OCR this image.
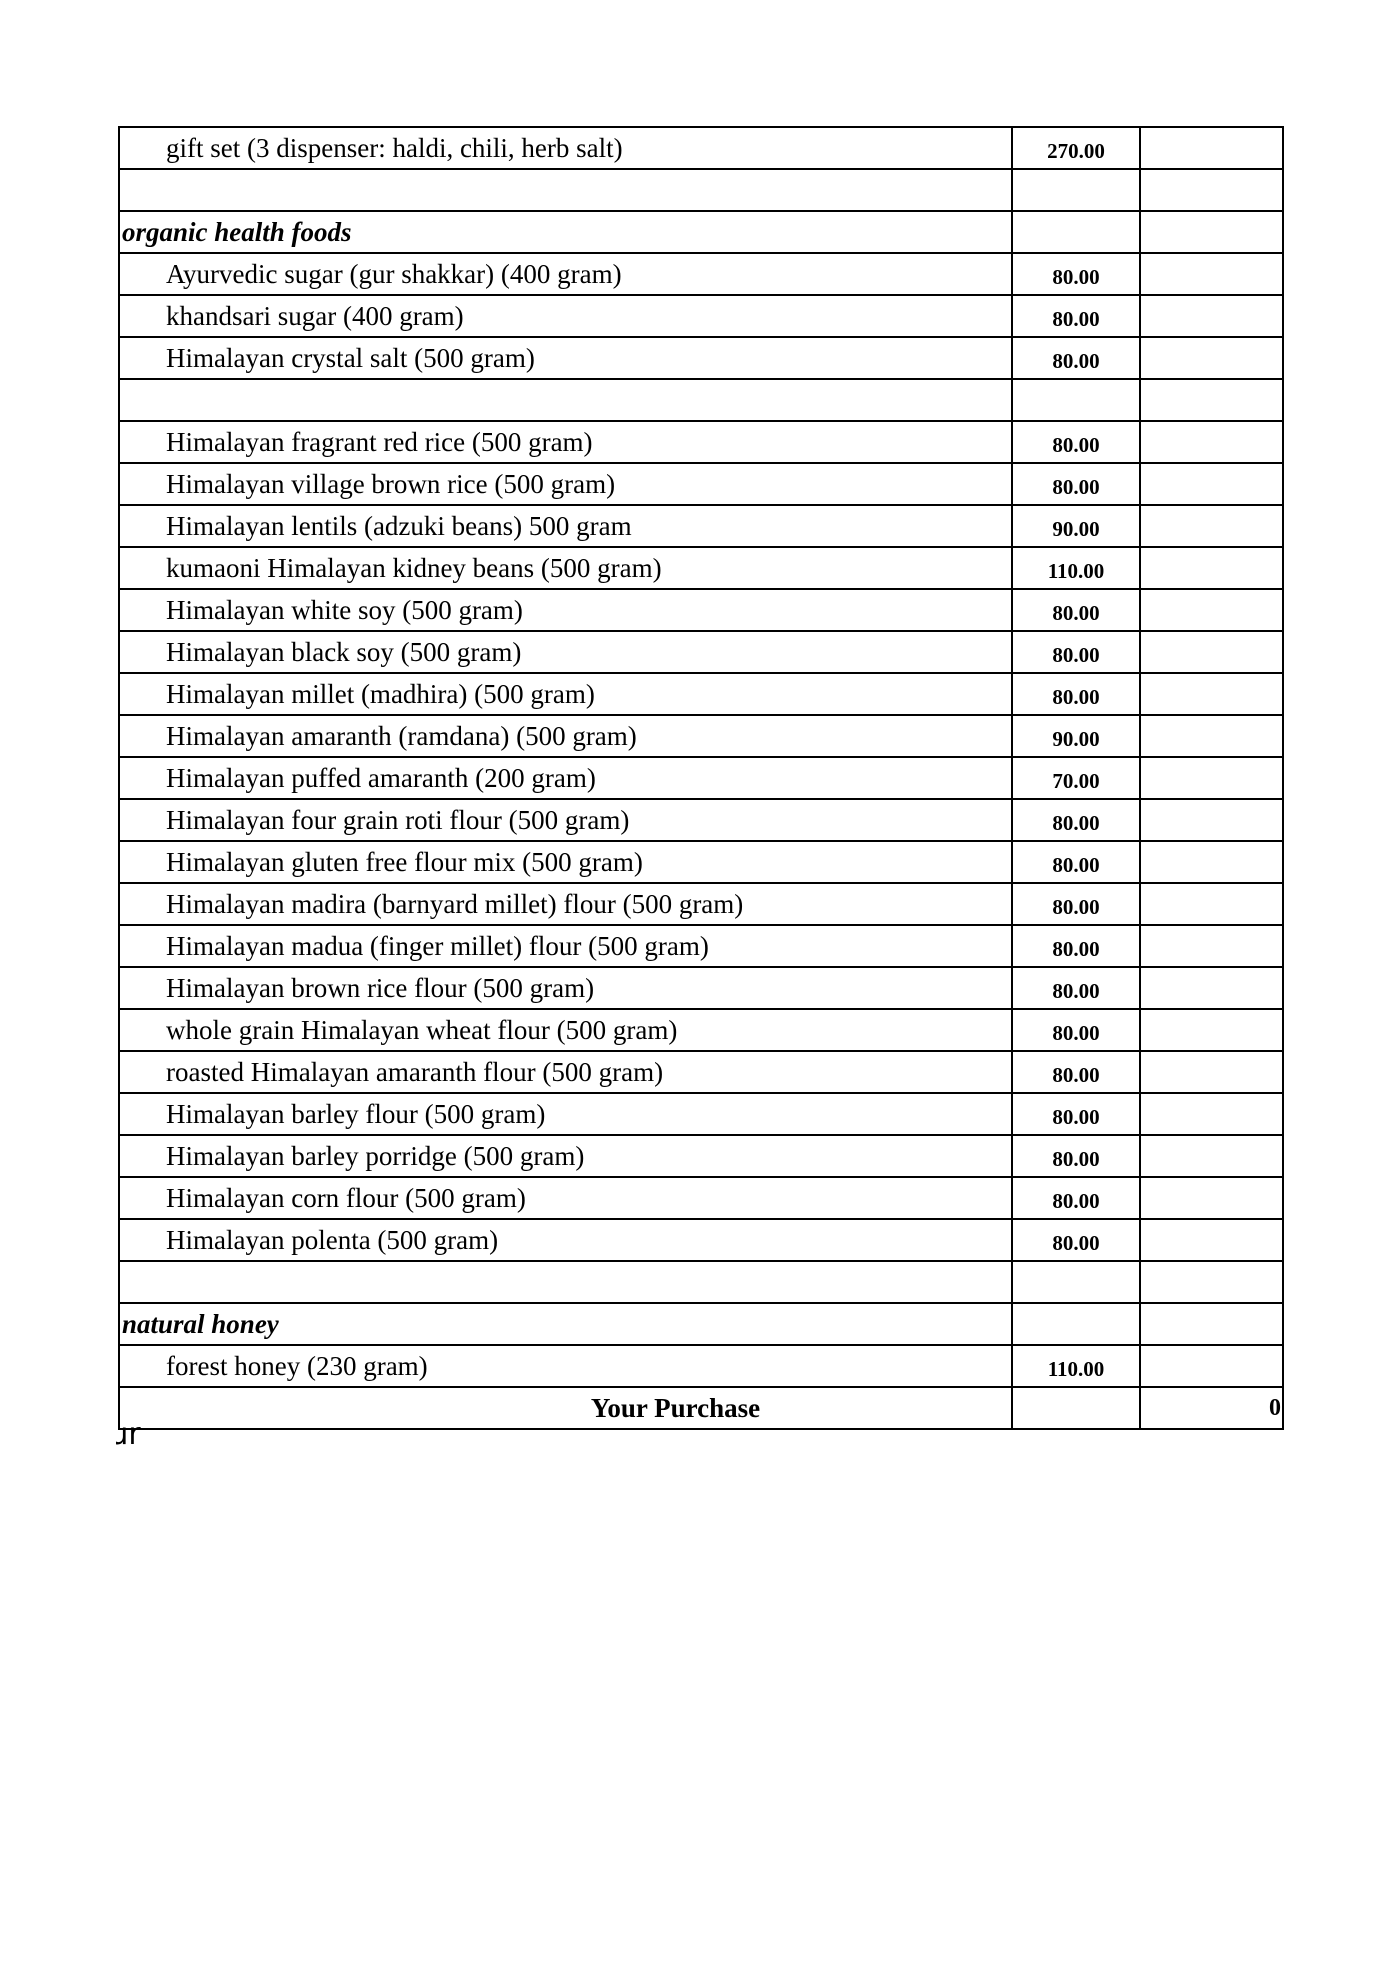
gift set (3 dispenser: haldi, chili, herb salt)	270.00	

organic health foods		
Ayurvedic sugar (gur shakkar) (400 gram)	80.00	
khandsari sugar (400 gram)	80.00	
Himalayan crystal salt (500 gram)	80.00	

Himalayan fragrant red rice (500 gram)	80.00	
Himalayan village brown rice (500 gram)	80.00	
Himalayan lentils (adzuki beans) 500 gram	90.00	
kumaoni Himalayan kidney beans (500 gram)	110.00	
Himalayan white soy (500 gram)	80.00	
Himalayan black soy (500 gram)	80.00	
Himalayan millet (madhira) (500 gram)	80.00	
Himalayan amaranth (ramdana) (500 gram)	90.00	
Himalayan puffed amaranth (200 gram)	70.00	
Himalayan four grain roti flour (500 gram)	80.00	
Himalayan gluten free flour mix (500 gram)	80.00	
Himalayan madira (barnyard millet) flour (500 gram)	80.00	
Himalayan madua (finger millet) flour (500 gram)	80.00	
Himalayan brown rice flour (500 gram)	80.00	
whole grain Himalayan wheat flour (500 gram)	80.00	
roasted Himalayan amaranth flour (500 gram)	80.00	
Himalayan barley flour (500 gram)	80.00	
Himalayan barley porridge (500 gram)	80.00	
Himalayan corn flour (500 gram)	80.00	
Himalayan polenta (500 gram)	80.00	

natural honey		
forest honey (230 gram)	110.00	
Your Purchase		0
ɹr
